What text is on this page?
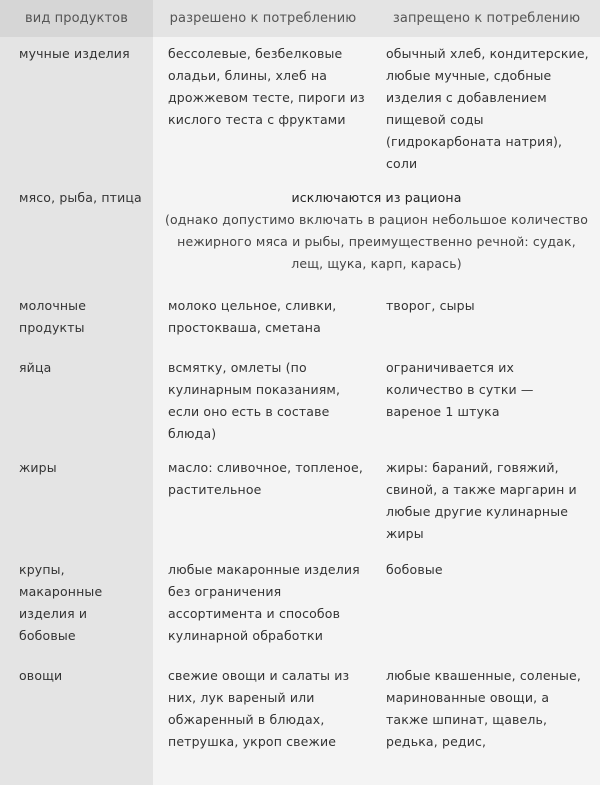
вид продуктов	разрешено к потреблению	запрещено к потреблению
мучные изделия	бессолевые, безбелковые оладьи, блины, хлеб на дрожжевом тесте, пироги из кислого теста с фруктами	обычный хлеб, кондитерские, любые мучные, сдобные изделия с добавлением пищевой соды (гидрокарбоната натрия), соли
мясо, рыба, птица	исключаются из рациона
(однако допустимо включать в рацион небольшое количество нежирного мяса и рыбы, преимущественно речной: судак, лещ, щука, карп, карась)	

молочные продукты	молоко цельное, сливки, простокваша, сметана	творог, сыры
яйца	всмятку, омлеты (по кулинарным показаниям, если оно есть в составе блюда)	ограничивается их количество в сутки — вареное 1 штука
жиры	масло: сливочное, топленое, растительное	жиры: бараний, говяжий, свиной, а также маргарин и любые другие кулинарные жиры
крупы, макаронные изделия и бобовые	любые макаронные изделия без ограничения ассортимента и способов кулинарной обработки	бобовые
овощи	свежие овощи и салаты из них, лук вареный или обжаренный в блюдах, петрушка, укроп свежие	любые квашенные, соленые, маринованные овощи, а также шпинат, щавель, редька, редис,
